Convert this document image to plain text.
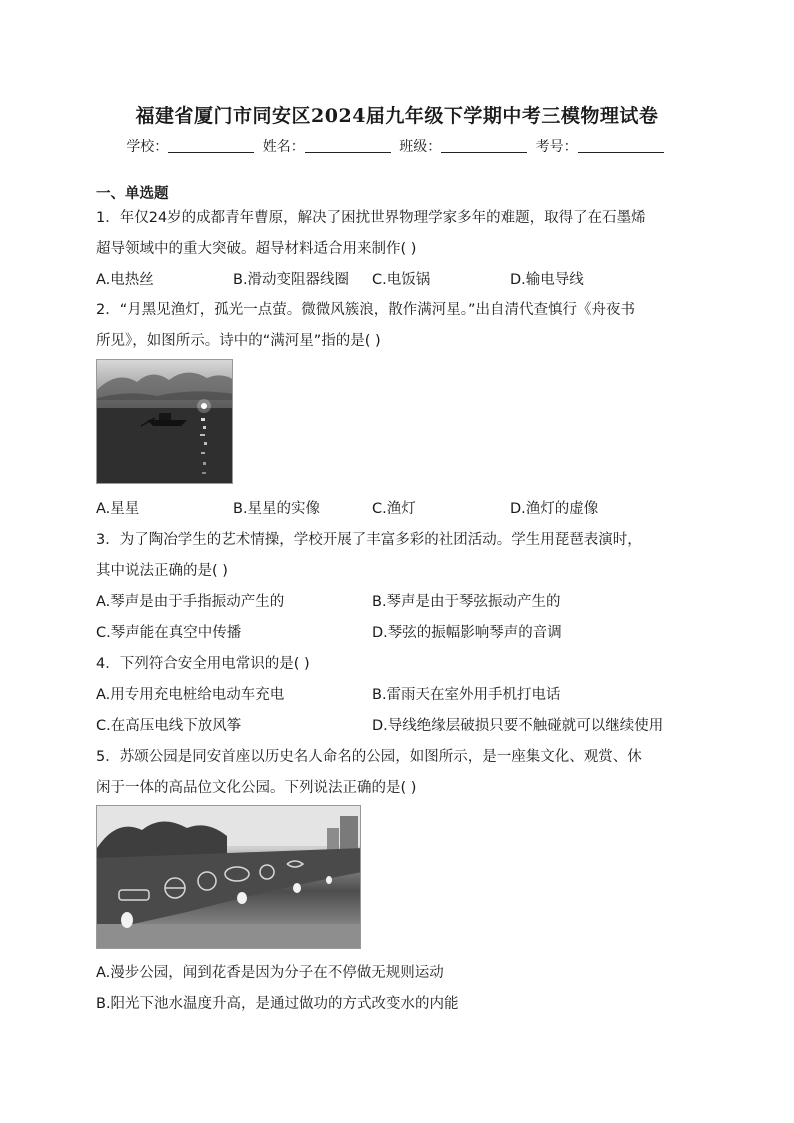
福建省厦门市同安区2024届九年级下学期中考三模物理试卷
学校：	姓名：	班级：	考号：
一、单选题
1．年仅24岁的成都青年曹原，解决了困扰世界物理学家多年的难题，取得了在石墨烯
超导领域中的重大突破。超导材料适合用来制作( )
A.电热丝	B.滑动变阻器线圈 C.电饭锅	D.输电导线
2．“月黑见渔灯，孤光一点萤。微微风簇浪，散作满河星。”出自清代查慎行《舟夜书
所见》，如图所示。诗中的“满河星”指的是( )
A.星星	B.星星的实像	C.渔灯	D.渔灯的虚像
3．为了陶冶学生的艺术情操，学校开展了丰富多彩的社团活动。学生用琵琶表演时，
其中说法正确的是( )
A.琴声是由于手指振动产生的	B.琴声是由于琴弦振动产生的
C.琴声能在真空中传播	D.琴弦的振幅影响琴声的音调
4．下列符合安全用电常识的是( )
A.用专用充电桩给电动车充电	B.雷雨天在室外用手机打电话
C.在高压电线下放风筝	D.导线绝缘层破损只要不触碰就可以继续使用
5．苏颂公园是同安首座以历史名人命名的公园，如图所示，是一座集文化、观赏、休
闲于一体的高品位文化公园。下列说法正确的是( )
A.漫步公园，闻到花香是因为分子在不停做无规则运动
B.阳光下池水温度升高，是通过做功的方式改变水的内能
